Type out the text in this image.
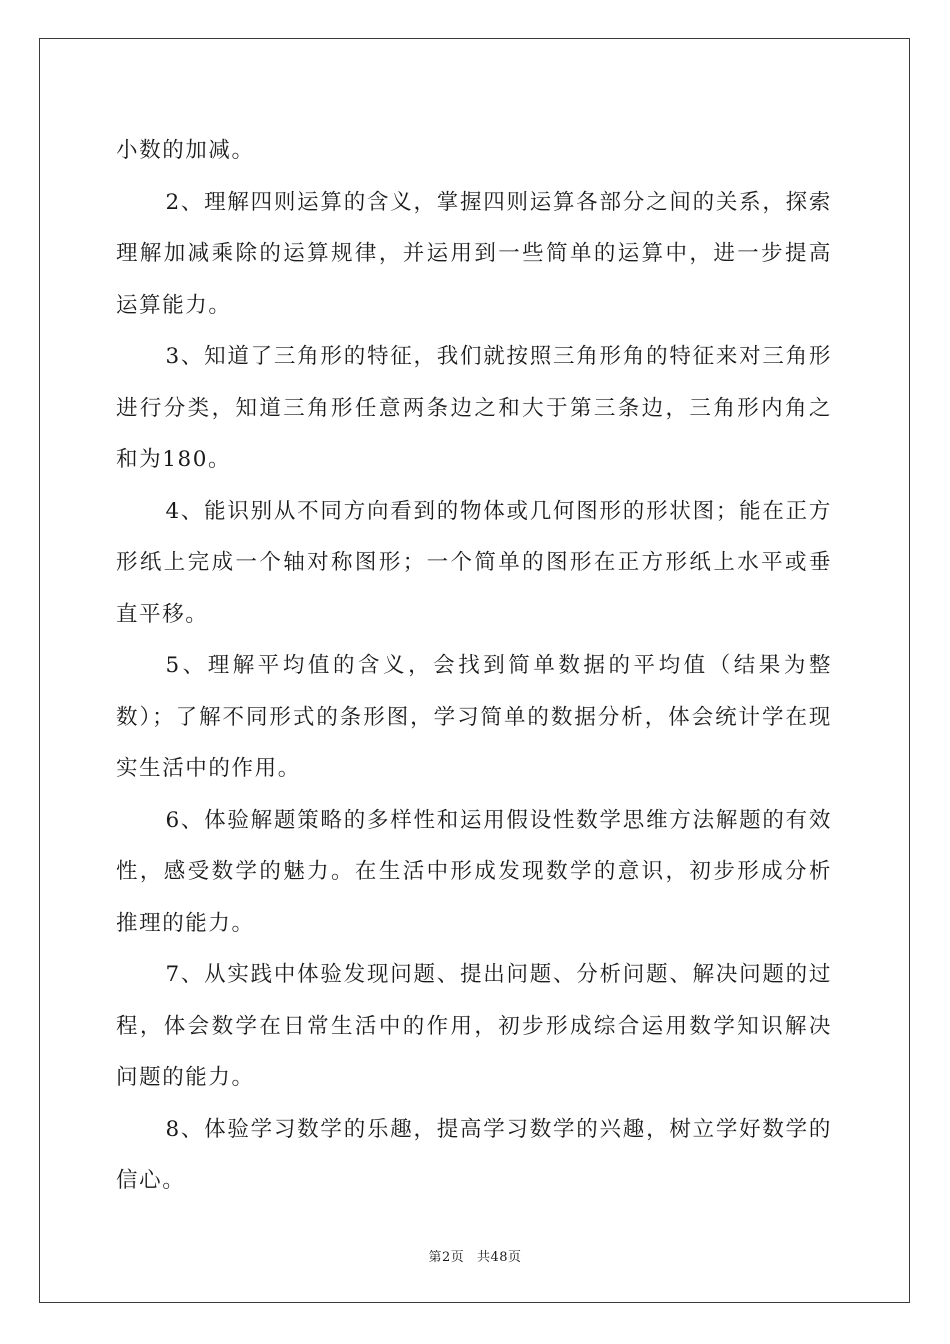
小数的加减。

2、理解四则运算的含义，掌握四则运算各部分之间的关系，探索理解加减乘除的运算规律，并运用到一些简单的运算中，进一步提高运算能力。

3、知道了三角形的特征，我们就按照三角形角的特征来对三角形进行分类，知道三角形任意两条边之和大于第三条边，三角形内角之和为180。

4、能识别从不同方向看到的物体或几何图形的形状图；能在正方形纸上完成一个轴对称图形；一个简单的图形在正方形纸上水平或垂直平移。

5、理解平均值的含义，会找到简单数据的平均值（结果为整数）；了解不同形式的条形图，学习简单的数据分析，体会统计学在现实生活中的作用。

6、体验解题策略的多样性和运用假设性数学思维方法解题的有效性，感受数学的魅力。在生活中形成发现数学的意识，初步形成分析推理的能力。

7、从实践中体验发现问题、提出问题、分析问题、解决问题的过程，体会数学在日常生活中的作用，初步形成综合运用数学知识解决问题的能力。

8、体验学习数学的乐趣，提高学习数学的兴趣，树立学好数学的信心。

第2页 共48页
